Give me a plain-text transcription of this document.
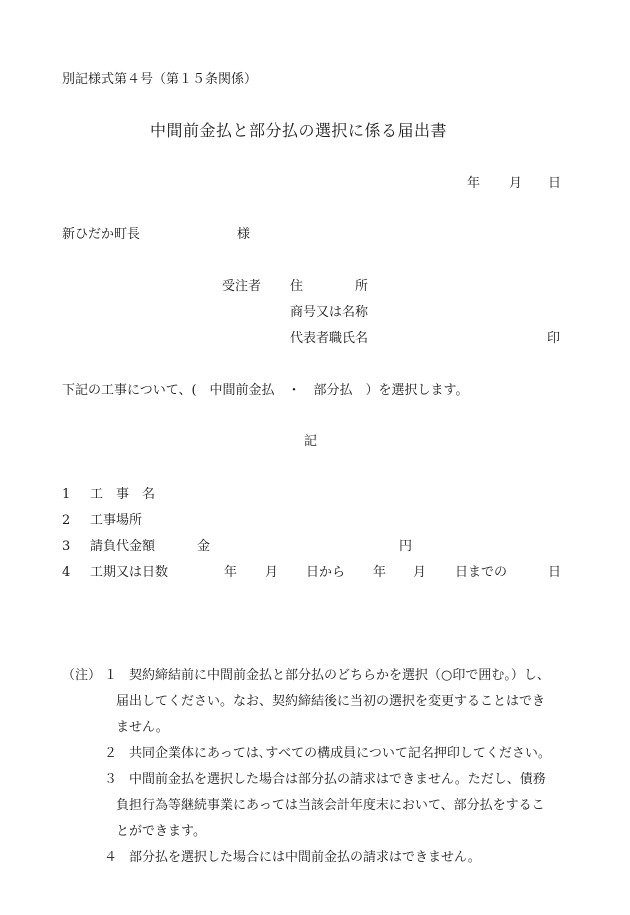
別記様式第４号（第１５条関係）
中間前金払と部分払の選択に係る届出書
年 月 日
新ひだか町長	様
受注者 住　　　　所
商号又は名称
代表者職氏名	印
下記の工事について、(　中間前金払　・　部分払　）を選択します。
記
1 工　事　名
2 工事場所
3 請負代金額	金	円
4 工期又は日数	年 月 日から 年 月 日までの	日
（注） １ 契約締結前に中間前金払と部分払のどちらかを選択（○印で囲む。）し、
届出してください。なお、契約締結後に当初の選択を変更することはでき
ません。
２ 共同企業体にあっては､すべての構成員について記名押印してください。
３ 中間前金払を選択した場合は部分払の請求はできません。ただし、債務
負担行為等継続事業にあっては当該会計年度末において、部分払をするこ
とができます。
４ 部分払を選択した場合には中間前金払の請求はできません。
